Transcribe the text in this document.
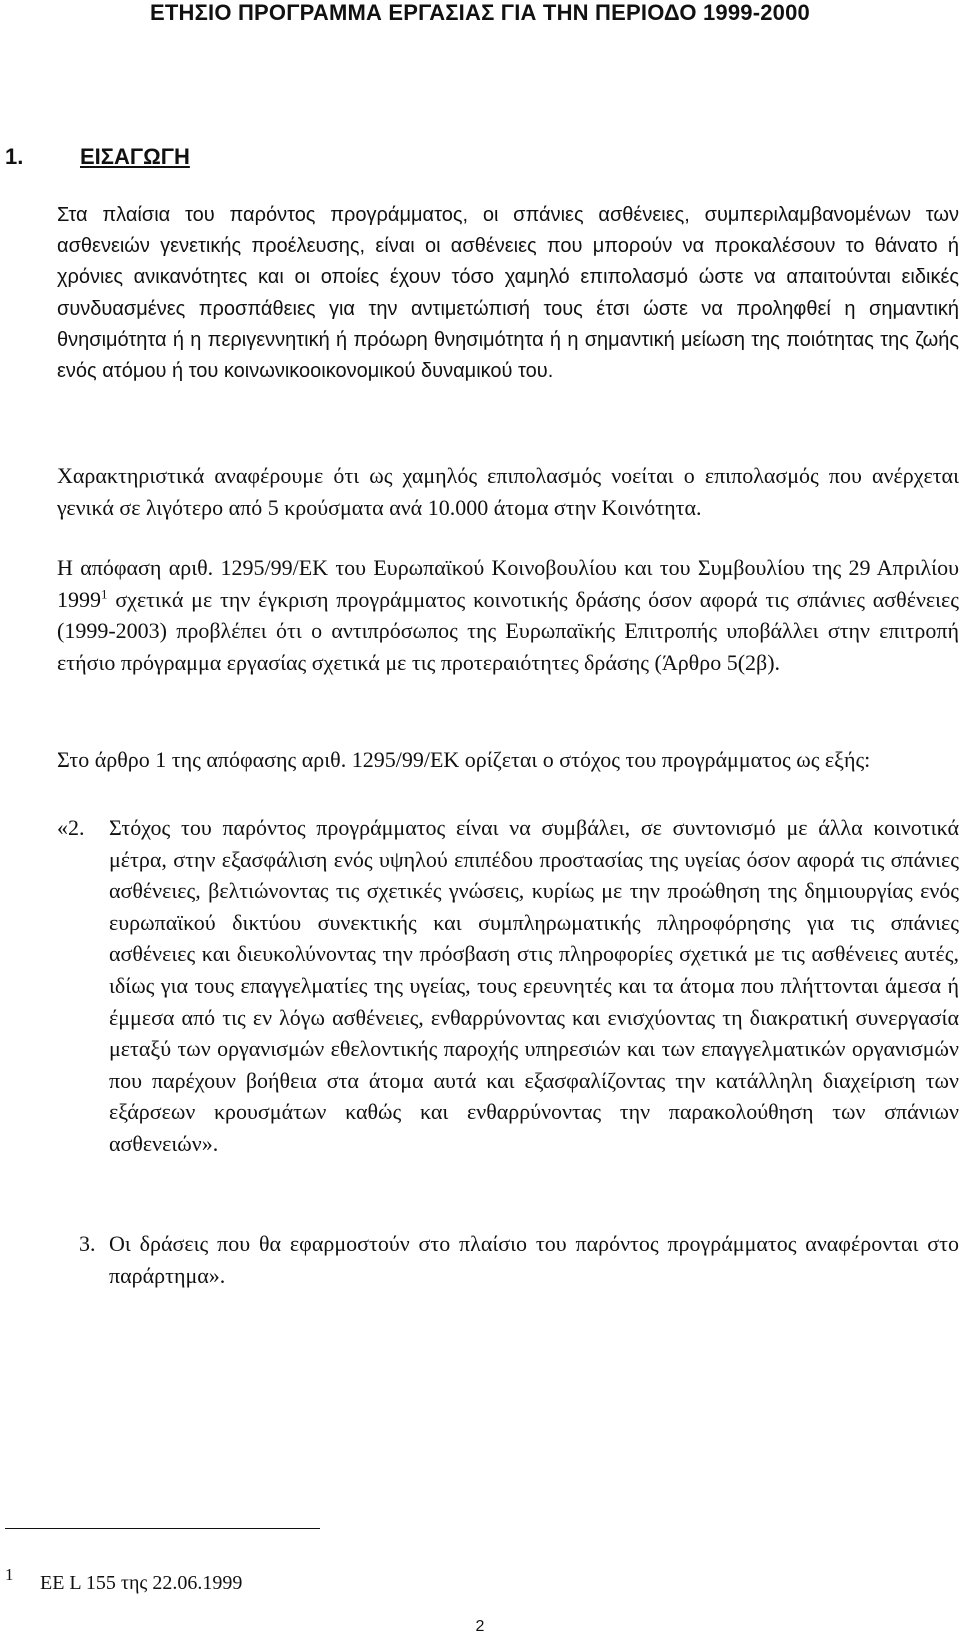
ΕΤΗΣΙΟ ΠΡΟΓΡΑΜΜΑ ΕΡΓΑΣΙΑΣ ΓΙΑ ΤΗΝ ΠΕΡΙΟΔΟ 1999-2000
1.	ΕΙΣΑΓΩΓΗ
Στα πλαίσια του παρόντος προγράμματος, οι σπάνιες ασθένειες, συμπεριλαμβανομένων των ασθενειών γενετικής προέλευσης, είναι οι ασθένειες που μπορούν να προκαλέσουν το θάνατο ή χρόνιες ανικανότητες και οι οποίες έχουν τόσο χαμηλό επιπολασμό ώστε να απαιτούνται ειδικές συνδυασμένες προσπάθειες για την αντιμετώπισή τους έτσι ώστε να προληφθεί η σημαντική θνησιμότητα ή η περιγεννητική ή πρόωρη θνησιμότητα ή η σημαντική μείωση της ποιότητας της ζωής ενός ατόμου ή του κοινωνικοοικονομικού δυναμικού του.
Χαρακτηριστικά αναφέρουμε ότι ως χαμηλός επιπολασμός νοείται ο επιπολασμός που ανέρχεται γενικά σε λιγότερο από 5 κρούσματα ανά 10.000 άτομα στην Κοινότητα.
Η απόφαση αριθ. 1295/99/ΕΚ του Ευρωπαϊκού Κοινοβουλίου και του Συμβουλίου της 29 Απριλίου 1999$^1$ σχετικά με την έγκριση προγράμματος κοινοτικής δράσης όσον αφορά τις σπάνιες ασθένειες (1999-2003) προβλέπει ότι ο αντιπρόσωπος της Ευρωπαϊκής Επιτροπής υποβάλλει στην επιτροπή ετήσιο πρόγραμμα εργασίας σχετικά με τις προτεραιότητες δράσης (Άρθρο 5(2β).
Στο άρθρο 1 της απόφασης αριθ. 1295/99/ΕΚ ορίζεται ο στόχος του προγράμματος ως εξής:
«2.	Στόχος του παρόντος προγράμματος είναι να συμβάλει, σε συντονισμό με άλλα κοινοτικά μέτρα, στην εξασφάλιση ενός υψηλού επιπέδου προστασίας της υγείας όσον αφορά τις σπάνιες ασθένειες, βελτιώνοντας τις σχετικές γνώσεις, κυρίως με την προώθηση της δημιουργίας ενός ευρωπαϊκού δικτύου συνεκτικής και συμπληρωματικής πληροφόρησης για τις σπάνιες ασθένειες και διευκολύνοντας την πρόσβαση στις πληροφορίες σχετικά με τις ασθένειες αυτές, ιδίως για τους επαγγελματίες της υγείας, τους ερευνητές και τα άτομα που πλήττονται άμεσα ή έμμεσα από τις εν λόγω ασθένειες, ενθαρρύνοντας και ενισχύοντας τη διακρατική συνεργασία μεταξύ των οργανισμών εθελοντικής παροχής υπηρεσιών και των επαγγελματικών οργανισμών που παρέχουν βοήθεια στα άτομα αυτά και εξασφαλίζοντας την κατάλληλη διαχείριση των εξάρσεων κρουσμάτων καθώς και ενθαρρύνοντας την παρακολούθηση των σπάνιων ασθενειών».
3. Οι δράσεις που θα εφαρμοστούν στο πλαίσιο του παρόντος προγράμματος αναφέρονται στο παράρτημα».
1 ΕΕ L 155 της 22.06.1999
2
